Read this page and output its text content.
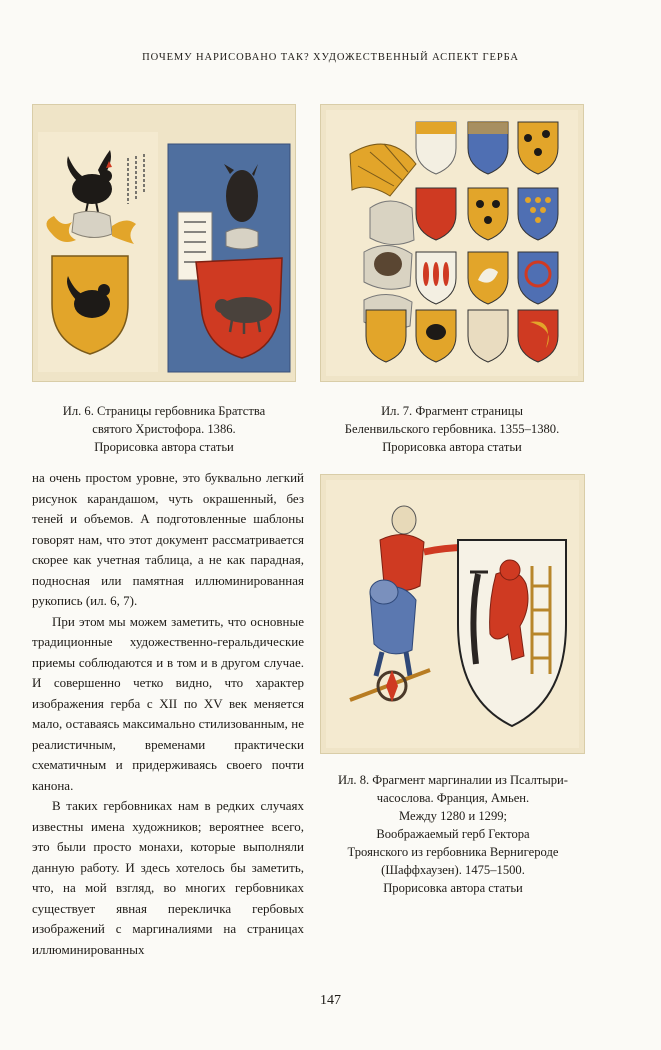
ПОЧЕМУ НАРИСОВАНО ТАК? ХУДОЖЕСТВЕННЫЙ АСПЕКТ ГЕРБА
Ил. 6. Страницы гербовника Братства
святого Христофора. 1386.
Прорисовка автора статьи
Ил. 7. Фрагмент страницы
Беленвильского гербовника. 1355–1380.
Прорисовка автора статьи
Ил. 8. Фрагмент маргиналии из Псалтыри-
часослова. Франция, Амьен.
Между 1280 и 1299;
Воображаемый герб Гектора
Троянского из гербовника Вернигероде
(Шаффхаузен). 1475–1500.
Прорисовка автора статьи
на очень простом уровне, это буквально легкий рисунок карандашом, чуть окрашенный, без теней и объемов. А подготовленные шаблоны говорят нам, что этот документ рассматривается скорее как учетная таблица, а не как парадная, подносная или памятная иллюминированная рукопись (ил. 6, 7).
При этом мы можем заметить, что основные традиционные художественно-геральдические приемы соблюдаются и в том и в другом случае. И совершенно четко видно, что характер изображения герба с XII по XV век меняется мало, оставаясь максимально стилизованным, не реалистичным, временами практически схематичным и придерживаясь своего почти канона.
В таких гербовниках нам в редких случаях известны имена художников; вероятнее всего, это были просто монахи, которые выполняли данную работу. И здесь хотелось бы заметить, что, на мой взгляд, во многих гербовниках существует явная перекличка гербовых изображений с маргиналиями на страницах иллюминированных
147
